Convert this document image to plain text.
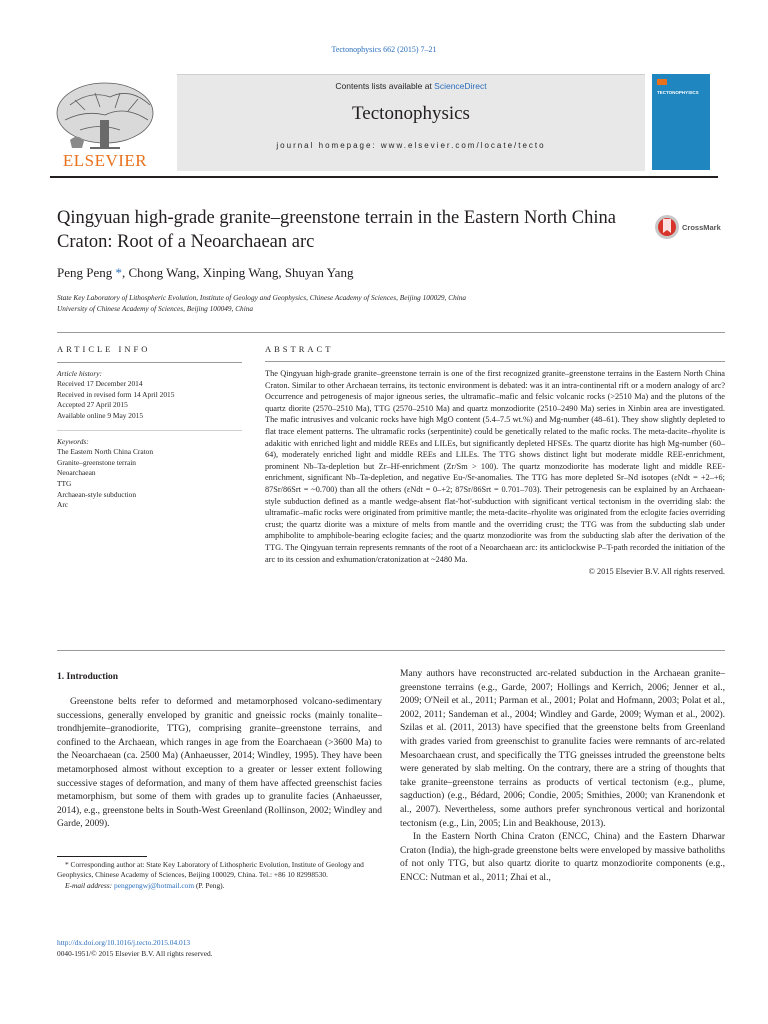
Tectonophysics 662 (2015) 7–21
ELSEVIER
Contents lists available at ScienceDirect
Tectonophysics
journal homepage: www.elsevier.com/locate/tecto
TECTONOPHYSICS
Qingyuan high-grade granite–greenstone terrain in the Eastern North China Craton: Root of a Neoarchaean arc
CrossMark
Peng Peng *, Chong Wang, Xinping Wang, Shuyan Yang
State Key Laboratory of Lithospheric Evolution, Institute of Geology and Geophysics, Chinese Academy of Sciences, Beijing 100029, China
University of Chinese Academy of Sciences, Beijing 100049, China
ARTICLE INFO
Article history:
Received 17 December 2014
Received in revised form 14 April 2015
Accepted 27 April 2015
Available online 9 May 2015
Keywords:
The Eastern North China Craton
Granite–greenstone terrain
Neoarchaean
TTG
Archaean-style subduction
Arc
ABSTRACT
The Qingyuan high-grade granite–greenstone terrain is one of the first recognized granite–greenstone terrains in the Eastern North China Craton. Similar to other Archaean terrains, its tectonic environment is debated: was it an intra-continental rift or a modern analogy of arc? Occurrence and petrogenesis of major igneous series, the ultramafic–mafic and felsic volcanic rocks (>2510 Ma) and the plutons of the quartz diorite (2570–2510 Ma), TTG (2570–2510 Ma) and quartz monzodiorite (2510–2490 Ma) series in Xinbin area are investigated. The mafic intrusives and volcanic rocks have high MgO content (5.4–7.5 wt.%) and Mg-number (48–61). They show slightly depleted to flat trace element patterns. The ultramafic rocks (serpentinite) could be genetically related to the mafic rocks. The meta-dacite–rhyolite is adakitic with enriched light and middle REEs and LILEs, but significantly depleted HFSEs. The quartz diorite has high Mg-number (60–64), moderately enriched light and middle REEs and LILEs. The TTG shows distinct light but moderate middle REE-enrichment, prominent Nb–Ta-depletion but Zr–Hf-enrichment (Zr/Sm > 100). The quartz monzodiorite has moderate light and middle REE-enrichment, significant Nb–Ta-depletion, and negative Eu-/Sr-anomalies. The TTG has more depleted Sr–Nd isotopes (εNdt = +2–+6; 87Sr/86Srt = ~0.700) than all the others (εNdt = 0–+2; 87Sr/86Srt = 0.701–703). Their petrogenesis can be explained by an Archaean-style subduction defined as a mantle wedge-absent flat-'hot'-subduction with significant vertical tectonism in the overriding slab: the ultramafic–mafic rocks were originated from primitive mantle; the meta-dacite–rhyolite was originated from the eclogite facies overriding crust; the quartz diorite was a mixture of melts from mantle and the overriding crust; the TTG was from the subducting slab under amphibolite to amphibole-bearing eclogite facies; and the quartz monzodiorite was from the subducting slab after the derivation of the TTG. The Qingyuan terrain represents remnants of the root of a Neoarchaean arc: its anticlockwise P–T-path recorded the initiation of the arc to its cession and exhumation/cratonization at ~2480 Ma.
© 2015 Elsevier B.V. All rights reserved.
1. Introduction

Greenstone belts refer to deformed and metamorphosed volcano-sedimentary successions, generally enveloped by granitic and gneissic rocks (mainly tonalite–trondhjemite–granodiorite, TTG), comprising granite–greenstone terrains, and confined to the Archaean, which ranges in age from the Eoarchaean (>3600 Ma) to the Neoarchaean (ca. 2500 Ma) (Anhaeusser, 2014; Windley, 1995). They have been metamorphosed almost without exception to a greater or lesser extent following successive stages of deformation, and many of them have affected greenschist facies metamorphism, but some of them with grades up to granulite facies (Anhaeusser, 2014), e.g., greenstone belts in South-West Greenland (Rollinson, 2002; Windley and Garde, 2009).

Many authors have reconstructed arc-related subduction in the Archaean granite–greenstone terrains (e.g., Garde, 2007; Hollings and Kerrich, 2006; Jenner et al., 2009; O'Neil et al., 2011; Parman et al., 2001; Polat and Hofmann, 2003; Polat et al., 2002, 2011; Sandeman et al., 2004; Windley and Garde, 2009; Wyman et al., 2002). Szilas et al. (2011, 2013) have specified that the greenstone belts from Greenland with grades varied from greenschist to granulite facies were remnants of arc-related Mesoarchaean crust, and specifically the TTG gneisses intruded the greenstone belts were generated by slab melting. On the contrary, there are a string of thoughts that take granite–greenstone terrains as products of vertical tectonism (e.g., plume, sagduction) (e.g., Bédard, 2006; Condie, 2005; Smithies, 2000; van Kranendonk et al., 2007). Nevertheless, some authors prefer synchronous vertical and horizontal tectonism (e.g., Lin, 2005; Lin and Beakhouse, 2013).

In the Eastern North China Craton (ENCC, China) and the Eastern Dharwar Craton (India), the high-grade greenstone belts were enveloped by massive batholiths of not only TTG, but also quartz diorite to quartz monzodiorite components (e.g., ENCC: Nutman et al., 2011; Zhai et al.,

* Corresponding author at: State Key Laboratory of Lithospheric Evolution, Institute of Geology and Geophysics, Chinese Academy of Sciences, Beijing 100029, China. Tel.: +86 10 82998530.
E-mail address: pengpengwj@hotmail.com (P. Peng).
http://dx.doi.org/10.1016/j.tecto.2015.04.013
0040-1951/© 2015 Elsevier B.V. All rights reserved.
